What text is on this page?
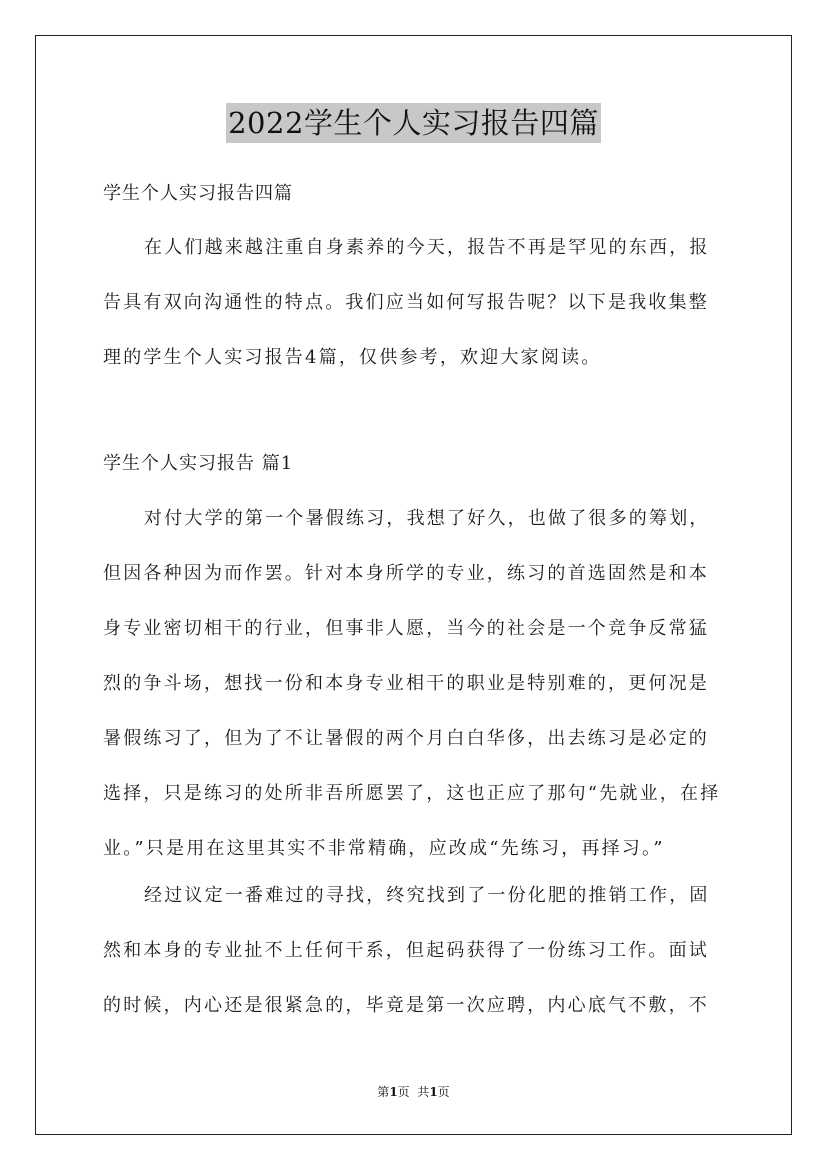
2022学生个人实习报告四篇

学生个人实习报告四篇

在人们越来越注重自身素养的今天，报告不再是罕见的东西，报告具有双向沟通性的特点。我们应当如何写报告呢？以下是我收集整理的学生个人实习报告4篇，仅供参考，欢迎大家阅读。

学生个人实习报告 篇1

对付大学的第一个暑假练习，我想了好久，也做了很多的筹划，但因各种因为而作罢。针对本身所学的专业，练习的首选固然是和本身专业密切相干的行业，但事非人愿，当今的社会是一个竞争反常猛烈的争斗场，想找一份和本身专业相干的职业是特别难的，更何况是暑假练习了，但为了不让暑假的两个月白白华侈，出去练习是必定的选择，只是练习的处所非吾所愿罢了，这也正应了那句“先就业，在择业。”只是用在这里其实不非常精确，应改成“先练习，再择习。”

经过议定一番难过的寻找，终究找到了一份化肥的推销工作，固然和本身的专业扯不上任何干系，但起码获得了一份练习工作。面试的时候，内心还是很紧急的，毕竟是第一次应聘，内心底气不敷，不

第1页  共1页
